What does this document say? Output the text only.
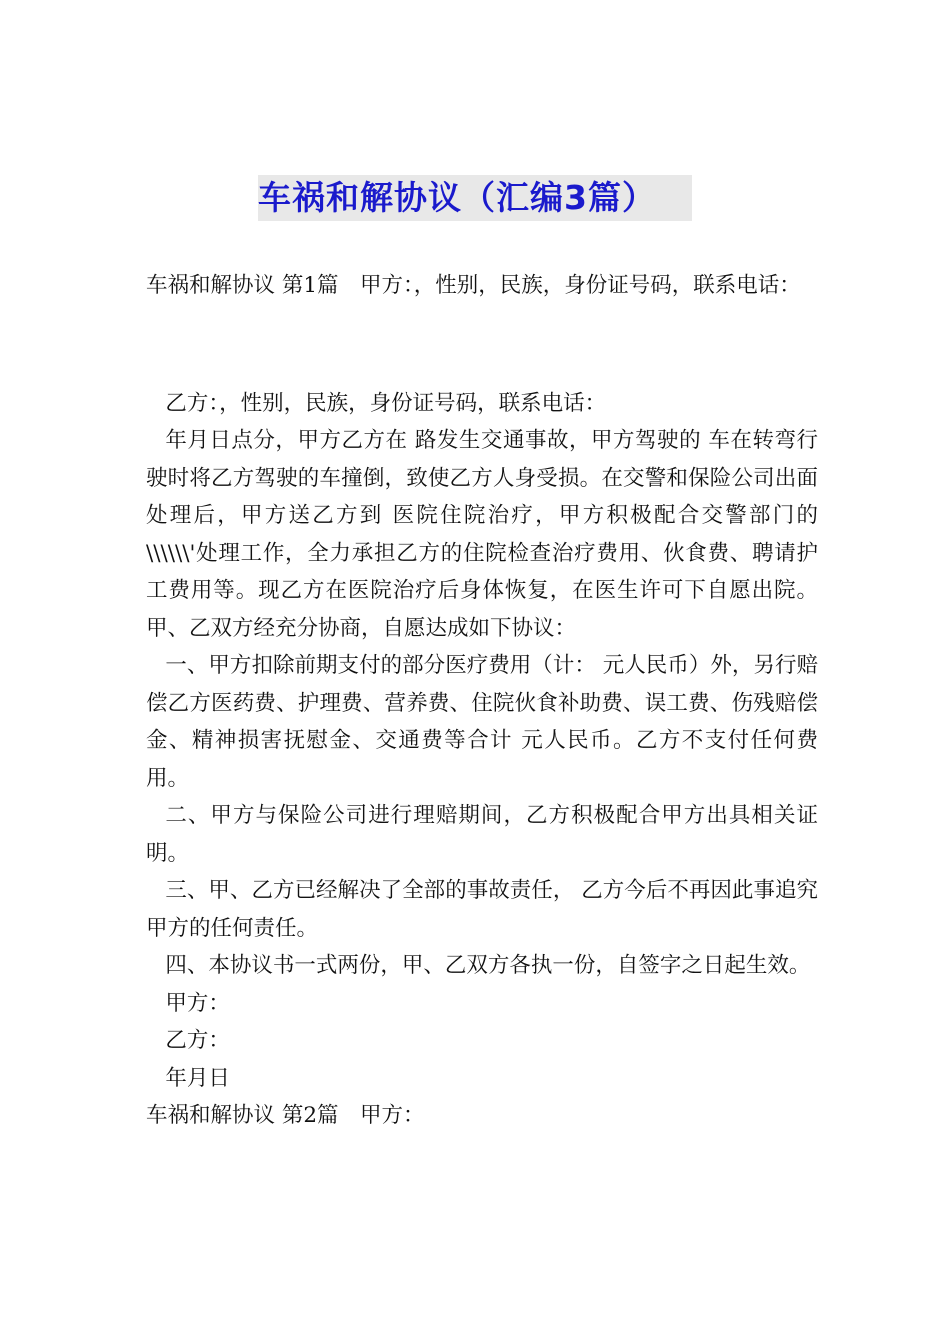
车祸和解协议（汇编3篇）

车祸和解协议 第1篇　甲方：，性别，民族，身份证号码，联系电话：

乙方：，性别，民族，身份证号码，联系电话：

年月日点分，甲方乙方在 路发生交通事故，甲方驾驶的 车在转弯行驶时将乙方驾驶的车撞倒，致使乙方人身受损。在交警和保险公司出面处理后，甲方送乙方到 医院住院治疗，甲方积极配合交警部门的\\\\\\'处理工作，全力承担乙方的住院检查治疗费用、伙食费、聘请护工费用等。现乙方在医院治疗后身体恢复，在医生许可下自愿出院。甲、乙双方经充分协商，自愿达成如下协议：

一、甲方扣除前期支付的部分医疗费用（计： 元人民币）外，另行赔偿乙方医药费、护理费、营养费、住院伙食补助费、误工费、伤残赔偿金、精神损害抚慰金、交通费等合计 元人民币。乙方不支付任何费用。

二、甲方与保险公司进行理赔期间，乙方积极配合甲方出具相关证明。

三、甲、乙方已经解决了全部的事故责任， 乙方今后不再因此事追究甲方的任何责任。

四、本协议书一式两份，甲、乙双方各执一份，自签字之日起生效。

甲方：

乙方：

年月日

车祸和解协议 第2篇　甲方：
